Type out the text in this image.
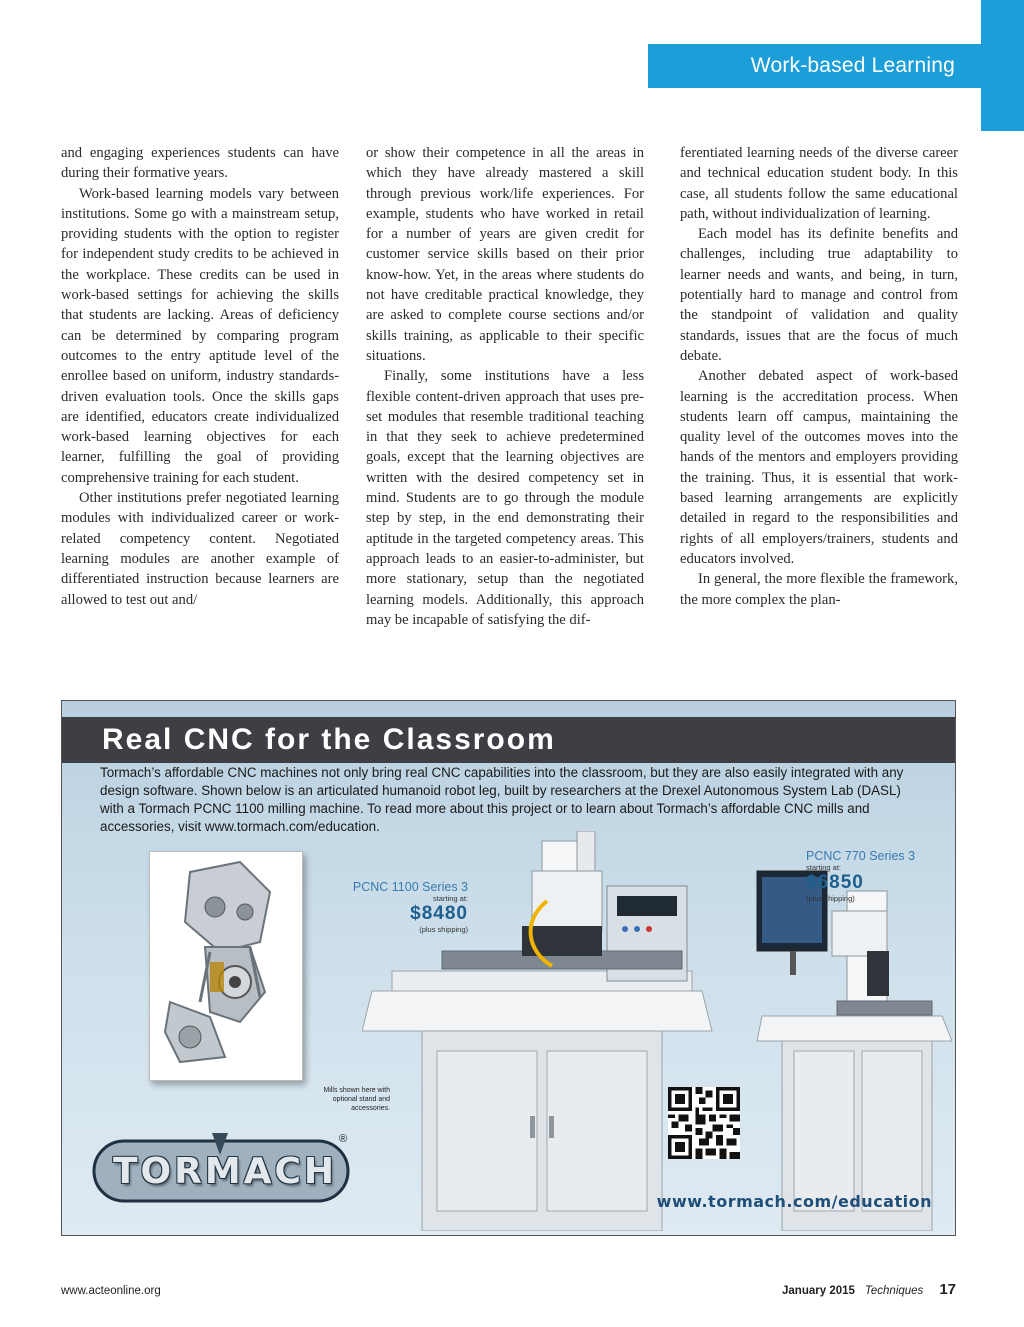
Work-based Learning

and engaging experiences students can have during their formative years.

Work-based learning models vary between institutions. Some go with a mainstream setup, providing students with the option to register for independent study credits to be achieved in the workplace. These credits can be used in work-based settings for achieving the skills that students are lacking. Areas of deficiency can be determined by comparing program outcomes to the entry aptitude level of the enrollee based on uniform, industry standards-driven evaluation tools. Once the skills gaps are identified, educators create individualized work-based learning objectives for each learner, fulfilling the goal of providing comprehensive training for each student.

Other institutions prefer negotiated learning modules with individualized career or work-related competency content. Negotiated learning modules are another example of differentiated instruction because learners are allowed to test out and/

or show their competence in all the areas in which they have already mastered a skill through previous work/life experiences. For example, students who have worked in retail for a number of years are given credit for customer service skills based on their prior know-how. Yet, in the areas where students do not have creditable practical knowledge, they are asked to complete course sections and/or skills training, as applicable to their specific situations.

Finally, some institutions have a less flexible content-driven approach that uses pre-set modules that resemble traditional teaching in that they seek to achieve predetermined goals, except that the learning objectives are written with the desired competency set in mind. Students are to go through the module step by step, in the end demonstrating their aptitude in the targeted competency areas. This approach leads to an easier-to-administer, but more stationary, setup than the negotiated learning models. Additionally, this approach may be incapable of satisfying the dif-

ferentiated learning needs of the diverse career and technical education student body. In this case, all students follow the same educational path, without individualization of learning.

Each model has its definite benefits and challenges, including true adaptability to learner needs and wants, and being, in turn, potentially hard to manage and control from the standpoint of validation and quality standards, issues that are the focus of much debate.

Another debated aspect of work-based learning is the accreditation process. When students learn off campus, maintaining the quality level of the outcomes moves into the hands of the mentors and employers providing the training. Thus, it is essential that work-based learning arrangements are explicitly detailed in regard to the responsibilities and rights of all employers/trainers, students and educators involved.

In general, the more flexible the framework, the more complex the plan-

Real CNC for the Classroom
Tormach’s affordable CNC machines not only bring real CNC capabilities into the classroom, but they are also easily integrated with any design software. Shown below is an articulated humanoid robot leg, built by researchers at the Drexel Autonomous System Lab (DASL) with a Tormach PCNC 1100 milling machine. To read more about this project or to learn about Tormach’s affordable CNC mills and accessories, visit www.tormach.com/education.
PCNC 1100 Series 3
starting at:
$8480
(plus shipping)
PCNC 770 Series 3
starting at:
$6850
(plus shipping)
Mills shown here with optional stand and accessories.
TORMACH
®
www.tormach.com/education
www.acteonline.org	January 2015 Techniques 17
